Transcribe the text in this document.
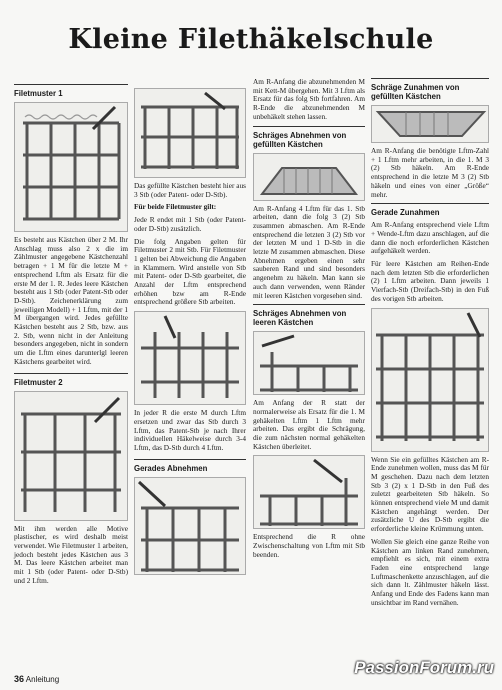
Kleine Filethäkelschule
Filetmuster 1

Es besteht aus Kästchen über 2 M. Ihr Anschlag muss also 2 x die im Zählmuster angegebene Kästchenzahl betragen + 1 M für die letzte M + entsprechend Lftm als Ersatz für die erste M der 1. R. Jedes leere Kästchen besteht aus 1 Stb (oder Patent-Stb oder D-Stb). Zeichenerklärung zum jeweiligen Modell) + 1 Lftm, mit der 1 M übergangen wird. Jedes gefüllte Kästchen besteht aus 2 Stb, bzw. aus 2. Stb, wenn nicht in der Anleitung besonders angegeben, nicht in sondern um die Lftm eines darunterlgl leeren Kästchens gearbeitet wird.

Filetmuster 2

Mit ihm werden alle Motive plastischer, es wird deshalb meist verwendet. Wie Filetmuster 1 arbeiten, jedoch besteht jedes Kästchen aus 3 M. Das leere Kästchen arbeitet man mit 1 Stb (oder Patent- oder D-Stb) und 2 Lftm.

Das gefüllte Kästchen besteht hier aus 3 Stb (oder Patent- oder D-Stb).

Für beide Filetmuster gilt:

Jede R endet mit 1 Stb (oder Patent- oder D-Stb) zusätzlich.

Die folg Angaben gelten für Filetmuster 2 mit Stb. Für Filetmuster 1 gelten bei Abweichung die Angaben in Klammern. Wird anstelle von Stb mit Patent- oder D-Stb gearbeitet, die Anzahl der Lftm entsprechend erhöhen bzw am R-Ende entsprechend größere Stb arbeiten.

In jeder R die erste M durch Lftm ersetzen und zwar das Stb durch 3 Lftm, das Patent-Stb je nach Ihrer individuellen Häkelweise durch 3-4 Lftm, das D-Stb durch 4 Lftm.

Gerades Abnehmen

Am R-Anfang die abzunehmenden M mit Kett-M übergehen. Mit 3 Lftm als Ersatz für das folg Stb fortfahren. Am R-Ende die abzunehmenden M unbehäkelt stehen lassen.

Schräges Abnehmen von gefüllten Kästchen

Am R-Anfang 4 Lftm für das 1. Stb arbeiten, dann die folg 3 (2) Stb zusammen abmaschen. Am R-Ende entsprechend die letzten 3 (2) Stb vor der letzten M und 1 D-Stb in die letzte M zusammen abmaschen. Diese Abnehmen ergeben einen sehr sauberen Rand und sind besonders angenehm zu häkeln. Man kann sie auch dann verwenden, wenn Ränder mit leeren Kästchen vorgesehen sind.

Schräges Abnehmen von leeren Kästchen

Am Anfang der R statt der normalerweise als Ersatz für die 1. M gehäkelten Lftm 1 Lftm mehr arbeiten. Das ergibt die Schrägung, die zum nächsten normal gehäkelten Kästchen überleitet.

Entsprechend die R ohne Zwischenschaltung von Lftm mit Stb beenden.

Schräge Zunahmen von gefüllten Kästchen

Am R-Anfang die benötigte Lftm-Zahl + 1 Lftm mehr arbeiten, in die 1. M 3 (2) Stb häkeln. Am R-Ende entsprechend in die letzte M 3 (2) Stb häkeln und eines von einer „Größe“ mehr.

Gerade Zunahmen

Am R-Anfang entsprechend viele Lftm + Wende-Lftm dazu anschlagen, auf die dann die noch erforderlichen Kästchen aufgehäkelt werden.

Für leere Kästchen am Reihen-Ende nach dem letzten Stb die erforderlichen (2) 1 Lftm arbeiten. Dann jeweils 1 Vierfach-Stb (Dreifach-Stb) in den Fuß des vorigen Stb arbeiten.

Wenn Sie ein gefülltes Kästchen am R-Ende zunehmen wollen, muss das M für M geschehen. Dazu nach dem letzten Stb 3 (2) x 1 D-Stb in den Fuß des zuletzt gearbeiteten Stb häkeln. So können entsprechend viele M und damit Kästchen angehängt werden. Der zusätzliche U des D-Stb ergibt die erforderliche kleine Krümmung unten.

Wollen Sie gleich eine ganze Reihe von Kästchen am linken Rand zunehmen, empfiehlt es sich, mit einem extra Faden eine entsprechend lange Luftmaschenkette anzuschlagen, auf die sich dann lt. Zählmuster häkeln lässt. Anfang und Ende des Fadens kann man unsichtbar im Rand vernähen.

36 Anleitung
PassionForum.ru
